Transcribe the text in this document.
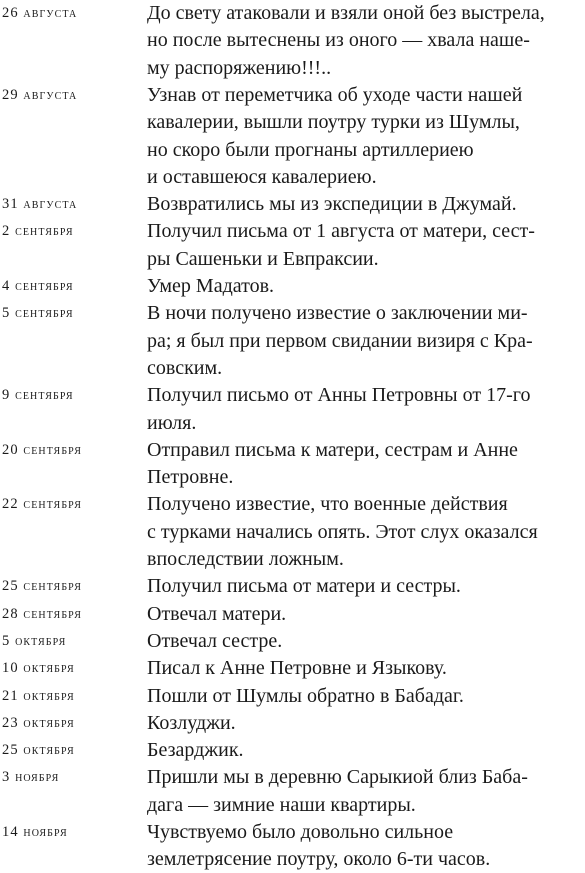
26 августа	До свету атаковали и взяли оной без выстрела,
но после вытеснены из оного — хвала наше-
му распоряжению!!!..
29 августа	Узнав от переметчика об уходе части нашей
кавалерии, вышли поутру турки из Шумлы,
но скоро были прогнаны артиллериею
и оставшеюся кавалериею.
31 августа	Возвратились мы из экспедиции в Джумай.
2 сентября	Получил письма от 1 августа от матери, сест-
ры Сашеньки и Евпраксии.
4 сентября	Умер Мадатов.
5 сентября	В ночи получено известие о заключении ми-
ра; я был при первом свидании визиря с Кра-
совским.
9 сентября	Получил письмо от Анны Петровны от 17-го
июля.
20 сентября	Отправил письма к матери, сестрам и Анне
Петровне.
22 сентября	Получено известие, что военные действия
с турками начались опять. Этот слух оказался
впоследствии ложным.
25 сентября	Получил письма от матери и сестры.
28 сентября	Отвечал матери.
5 октября	Отвечал сестре.
10 октября	Писал к Анне Петровне и Языкову.
21 октября	Пошли от Шумлы обратно в Бабадаг.
23 октября	Козлуджи.
25 октября	Безарджик.
3 ноября	Пришли мы в деревню Сарыкиой близ Баба-
дага — зимние наши квартиры.
14 ноября	Чувствуемо было довольно сильное
землетрясение поутру, около 6-ти часов.
